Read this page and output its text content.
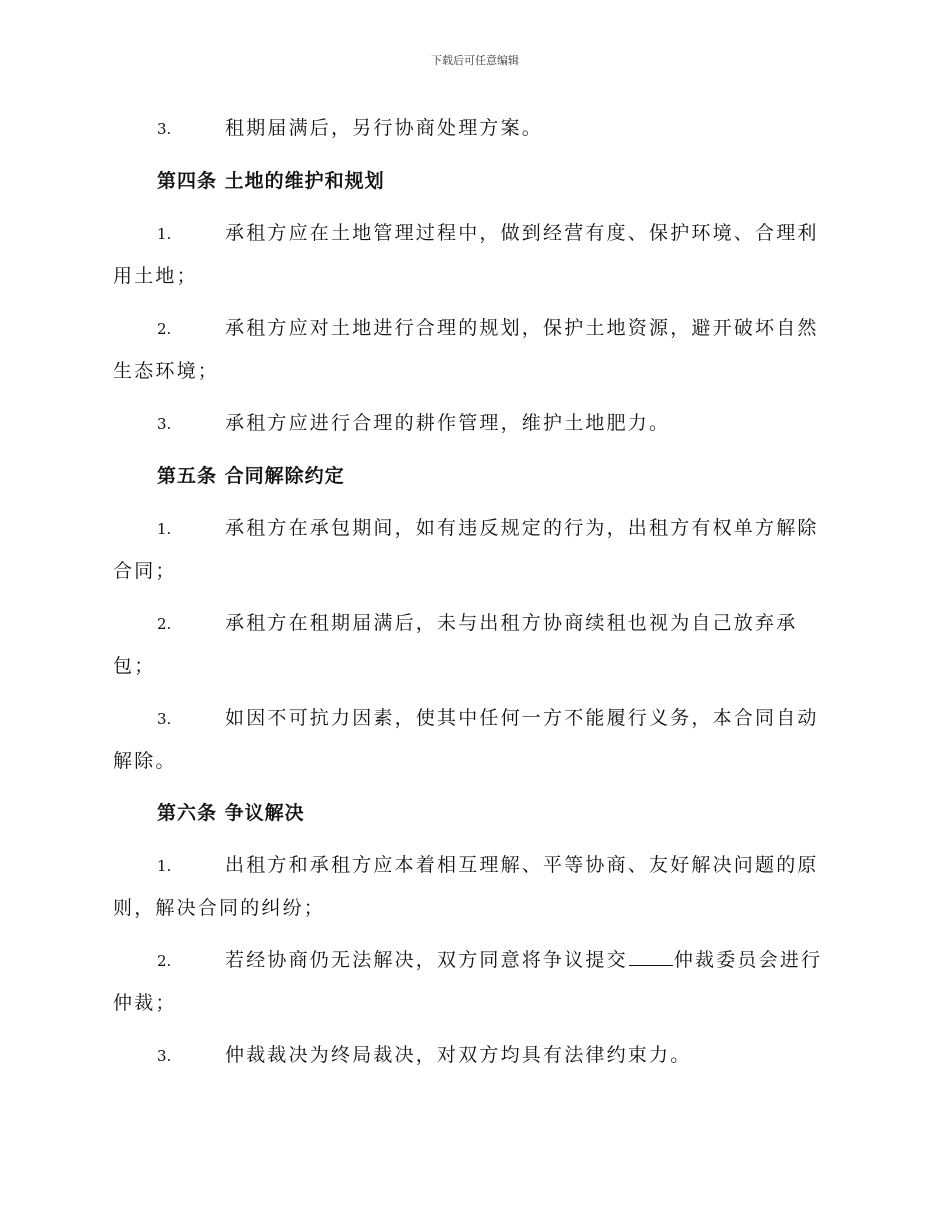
下载后可任意编辑

3.	租期届满后，另行协商处理方案。

第四条 土地的维护和规划

1.	承租方应在土地管理过程中，做到经营有度、保护环境、合理利用土地；

2.	承租方应对土地进行合理的规划，保护土地资源，避开破坏自然生态环境；

3.	承租方应进行合理的耕作管理，维护土地肥力。

第五条 合同解除约定

1.	承租方在承包期间，如有违反规定的行为，出租方有权单方解除合同；

2.	承租方在租期届满后，未与出租方协商续租也视为自己放弃承包；

3.	如因不可抗力因素，使其中任何一方不能履行义务，本合同自动解除。

第六条 争议解决

1.	出租方和承租方应本着相互理解、平等协商、友好解决问题的原则，解决合同的纠纷；

2.	若经协商仍无法解决，双方同意将争议提交 仲裁委员会进行仲裁；

3.	仲裁裁决为终局裁决，对双方均具有法律约束力。
